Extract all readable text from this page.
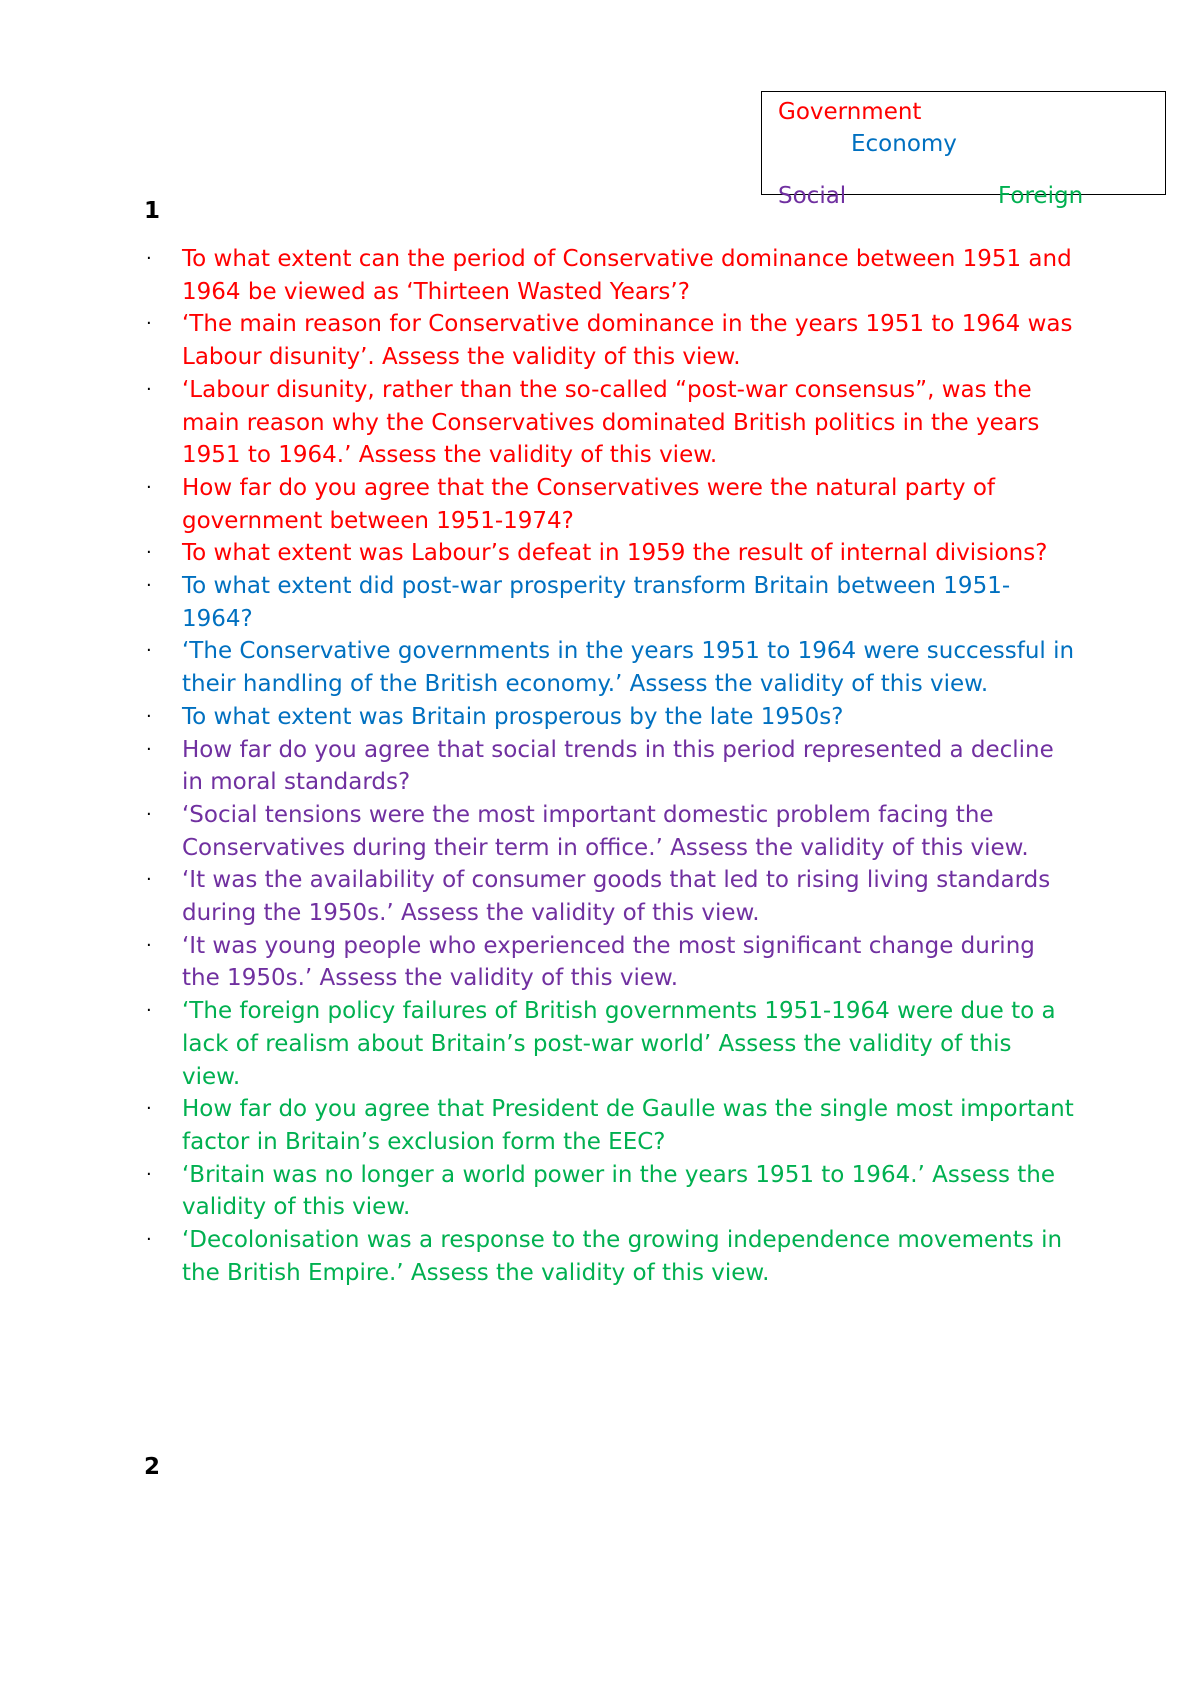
Government
Economy
Social	Foreign
1
· To what extent can the period of Conservative dominance between 1951 and 1964 be viewed as ‘Thirteen Wasted Years’?
· ‘The main reason for Conservative dominance in the years 1951 to 1964 was Labour disunity’. Assess the validity of this view.
· ‘Labour disunity, rather than the so-called “post-war consensus”, was the main reason why the Conservatives dominated British politics in the years 1951 to 1964.’ Assess the validity of this view.
· How far do you agree that the Conservatives were the natural party of government between 1951-1974?
· To what extent was Labour’s defeat in 1959 the result of internal divisions?
· To what extent did post-war prosperity transform Britain between 1951-1964?
· ‘The Conservative governments in the years 1951 to 1964 were successful in their handling of the British economy.’ Assess the validity of this view.
· To what extent was Britain prosperous by the late 1950s?
· How far do you agree that social trends in this period represented a decline in moral standards?
· ‘Social tensions were the most important domestic problem facing the Conservatives during their term in office.’ Assess the validity of this view.
· ‘It was the availability of consumer goods that led to rising living standards during the 1950s.’ Assess the validity of this view.
· ‘It was young people who experienced the most significant change during the 1950s.’ Assess the validity of this view.
· ‘The foreign policy failures of British governments 1951-1964 were due to a lack of realism about Britain’s post-war world’ Assess the validity of this view.
· How far do you agree that President de Gaulle was the single most important factor in Britain’s exclusion form the EEC?
· ‘Britain was no longer a world power in the years 1951 to 1964.’ Assess the validity of this view.
· ‘Decolonisation was a response to the growing independence movements in the British Empire.’ Assess the validity of this view.
2
